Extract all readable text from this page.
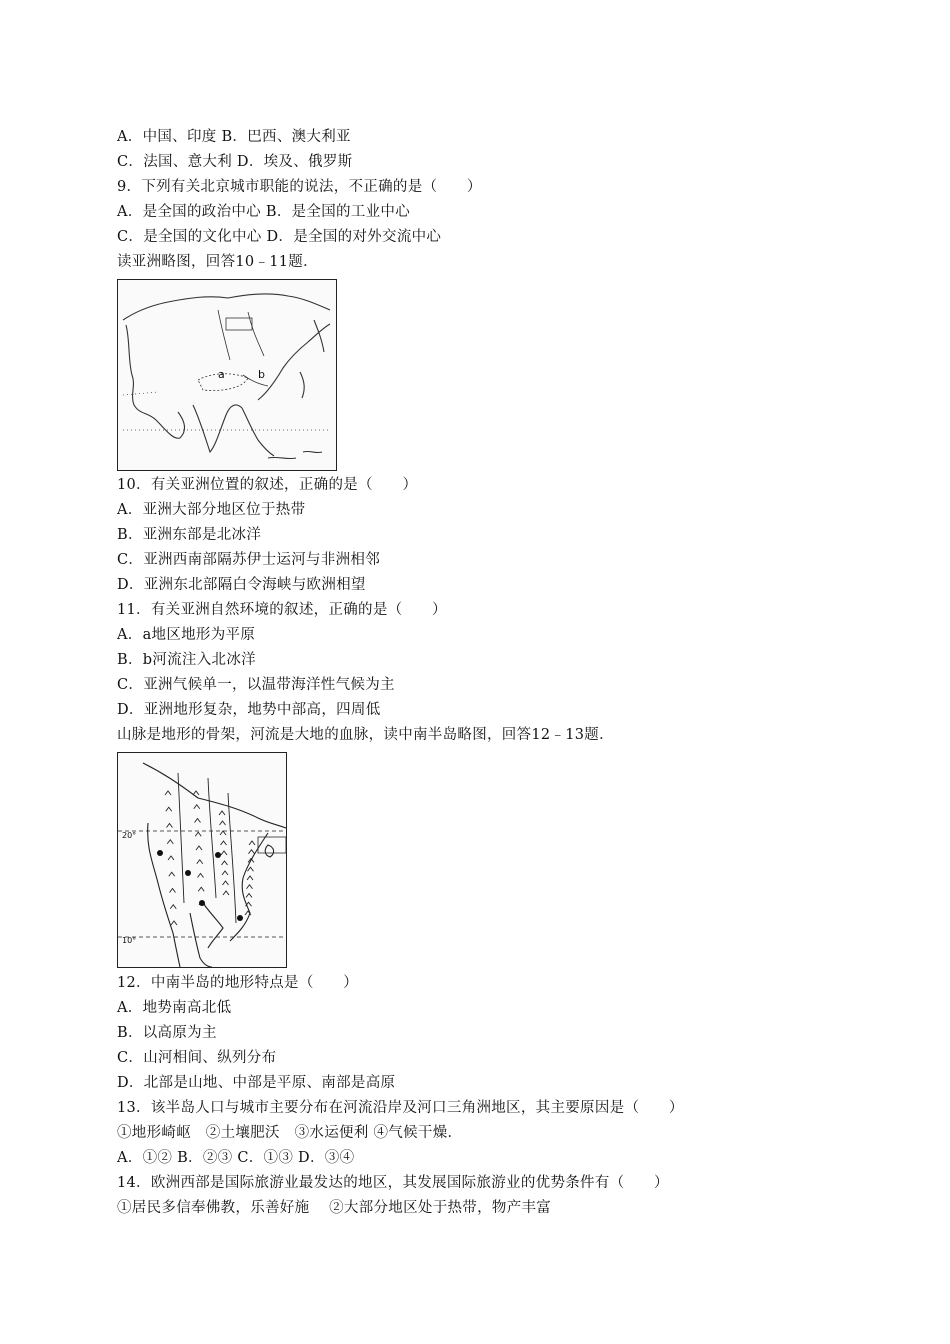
A．中国、印度 B．巴西、澳大利亚
C．法国、意大利 D．埃及、俄罗斯
9．下列有关北京城市职能的说法，不正确的是（　　）
A．是全国的政治中心 B．是全国的工业中心
C．是全国的文化中心 D．是全国的对外交流中心
读亚洲略图，回答10﹣11题．
a	b
10．有关亚洲位置的叙述，正确的是（　　）
A．亚洲大部分地区位于热带
B．亚洲东部是北冰洋
C．亚洲西南部隔苏伊士运河与非洲相邻
D．亚洲东北部隔白令海峡与欧洲相望
11．有关亚洲自然环境的叙述，正确的是（　　）
A．a地区地形为平原
B．b河流注入北冰洋
C．亚洲气候单一，以温带海洋性气候为主
D．亚洲地形复杂，地势中部高，四周低
山脉是地形的骨架，河流是大地的血脉，读中南半岛略图，回答12﹣13题．
20°
10°
12．中南半岛的地形特点是（　　）
A．地势南高北低
B．以高原为主
C．山河相间、纵列分布
D．北部是山地、中部是平原、南部是高原
13．该半岛人口与城市主要分布在河流沿岸及河口三角洲地区，其主要原因是（　　）
①地形崎岖　②土壤肥沃　③水运便利 ④气候干燥．
A．①② B．②③ C．①③ D．③④
14．欧洲西部是国际旅游业最发达的地区，其发展国际旅游业的优势条件有（　　）
①居民多信奉佛教，乐善好施　 ②大部分地区处于热带，物产丰富
